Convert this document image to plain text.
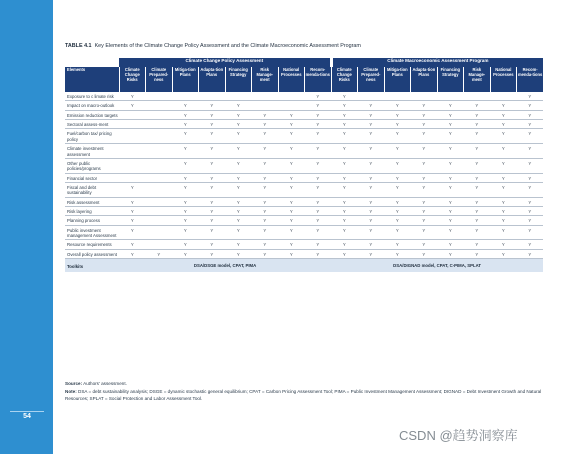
54
TABLE 4.1 Key Elements of the Climate Change Policy Assessment and the Climate Macroeconomic Assessment Program
	Climate Change Policy Assessment								Climate Macroeconomic Assessment Program							
Elements	Climate Change Risks	Climate Prepared-ness	Mitiga-tion Plans	Adapta-tion Plans	Financing Strategy	Risk Manage-ment	National Processes	Recom-menda-tions	Climate Change Risks	Climate Prepared-ness	Mitiga-tion Plans	Adapta-tion Plans	Financing Strategy	Risk Manage-ment	National Processes	Recom-menda-tions
Exposure to c limate risk	Y							Y	Y							Y
Impact on macro-outlook	Y		Y	Y	Y			Y	Y	Y	Y	Y	Y	Y	Y	Y
Emission reduction targets			Y	Y	Y	Y	Y	Y	Y	Y	Y	Y	Y	Y	Y	Y
Sectoral assess-ment			Y	Y	Y	Y	Y	Y	Y	Y	Y	Y	Y	Y	Y	Y
Fuel/carbon tax/ pricing policy			Y	Y	Y	Y	Y	Y	Y	Y	Y	Y	Y	Y	Y	Y
Climate investment assessment			Y	Y	Y	Y	Y	Y	Y	Y	Y	Y	Y	Y	Y	Y
Other public policies/programs			Y	Y	Y	Y	Y	Y	Y	Y	Y	Y	Y	Y	Y	Y
Financial sector			Y	Y	Y	Y	Y	Y	Y	Y	Y	Y	Y	Y	Y	Y
Fiscal and debt sustainability	Y		Y	Y	Y	Y	Y	Y	Y	Y	Y	Y	Y	Y	Y	Y
Risk assessment	Y		Y	Y	Y	Y	Y	Y	Y	Y	Y	Y	Y	Y	Y	Y
Risk layering	Y		Y	Y	Y	Y	Y	Y	Y	Y	Y	Y	Y	Y	Y	Y
Planning process	Y		Y	Y	Y	Y	Y	Y	Y	Y	Y	Y	Y	Y	Y	Y
Public investment management Assessment	Y		Y	Y	Y	Y	Y	Y	Y	Y	Y	Y	Y	Y	Y	Y
Resource requirements	Y		Y	Y	Y	Y	Y	Y	Y	Y	Y	Y	Y	Y	Y	Y
Overall policy assessment	Y	Y	Y	Y	Y	Y	Y	Y	Y	Y	Y	Y	Y	Y	Y	Y
Toolkits	DSA/DSGE model, CPAT, PIMA								DSA/DIGNAD model, CPAT, C-PIMA, SPLAT							
Source: Authors' assessment.
Note: DSA = debt sustainability analysis; DSGE = dynamic stochastic general equilibrium; CPAT = Carbon Pricing Assessment Tool; PIMA = Public Investment Management Assessment; DIGNAD = Debt Investment Growth and Natural Resources; SPLAT = Social Protection and Labor Assessment Tool.
CSDN @趋势洞察库
